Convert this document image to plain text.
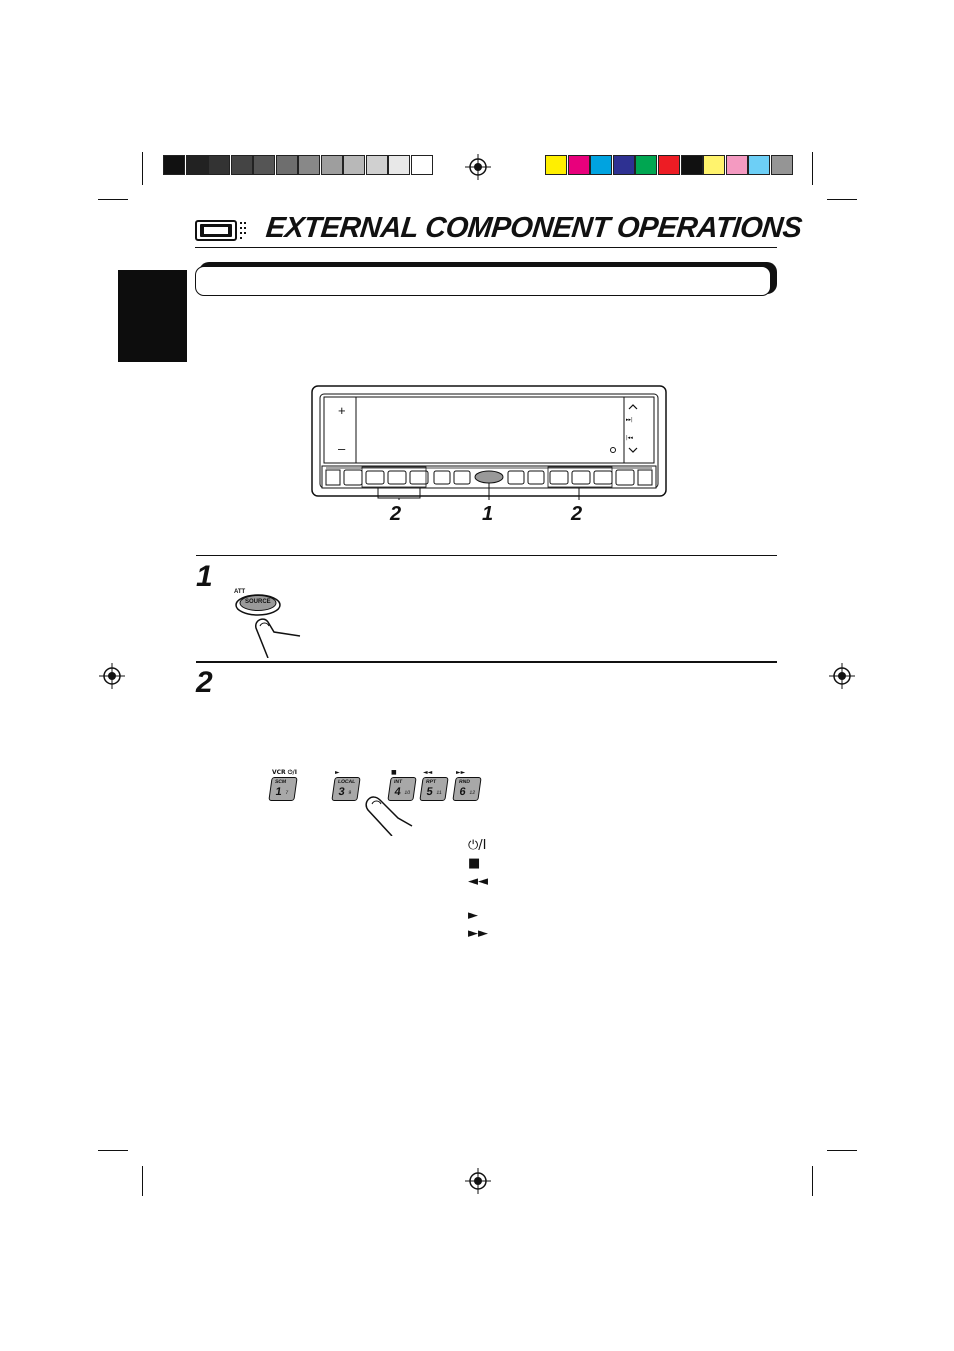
EXTERNAL COMPONENT OPERATIONS
▸▸|
|◂◂
+
–
2	1	2
1	ATT
SOURCE
2
VCR ⏻/I
SCM
1 7
►
LOCAL
3 9
■
INT
4 10
◄◄
RPT
5 11
►►
RND
6 12
⏻/I
■
◄◄
►
►►
